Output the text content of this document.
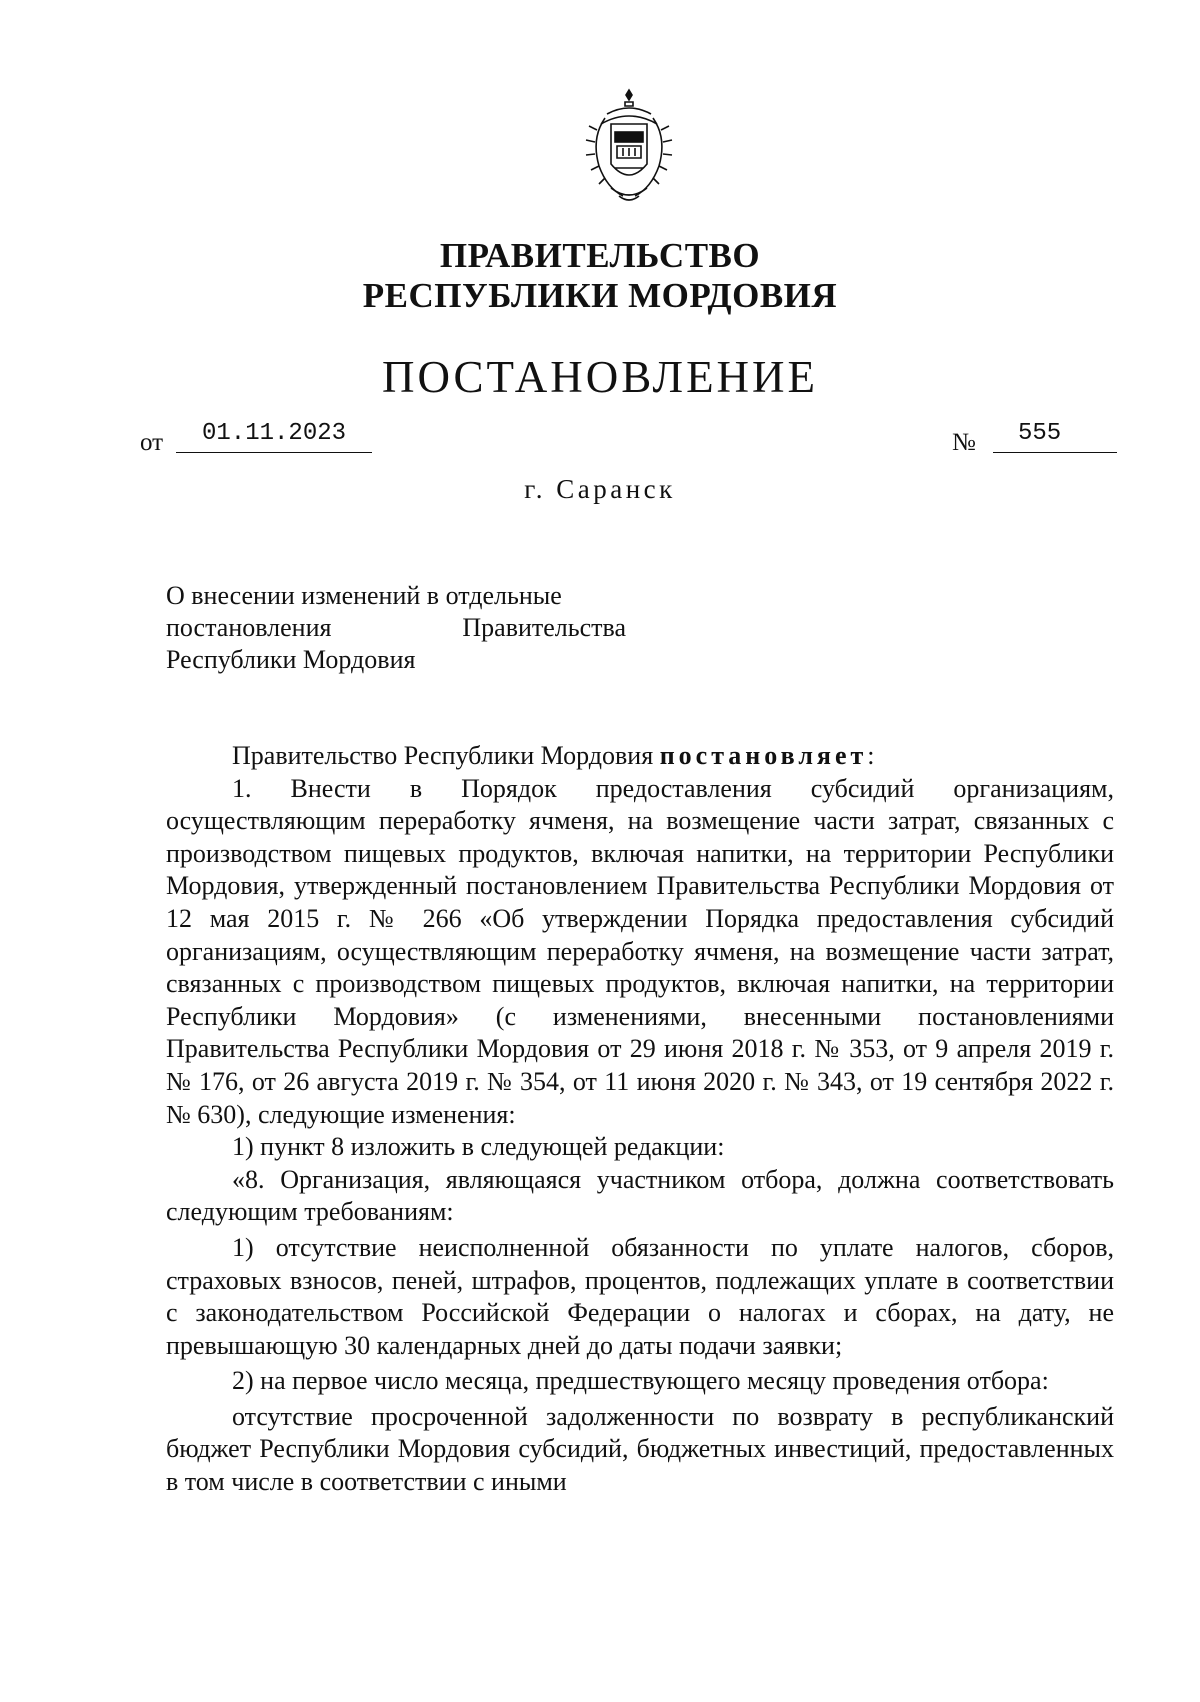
ПРАВИТЕЛЬСТВО
РЕСПУБЛИКИ МОРДОВИЯ
ПОСТАНОВЛЕНИЕ
от 01.11.2023	№ 555
г. Саранск
О внесении изменений в отдельные
постановления	Правительства
Республики Мордовия

Правительство Республики Мордовия постановляет:

1. Внести в Порядок предоставления субсидий организациям, осуществляющим переработку ячменя, на возмещение части затрат, связанных с производством пищевых продуктов, включая напитки, на территории Республики Мордовия, утвержденный постановлением Правительства Республики Мордовия от 12 мая 2015 г. № 266 «Об утверждении Порядка предоставления субсидий организациям, осуществляющим переработку ячменя, на возмещение части затрат, связанных с производством пищевых продуктов, включая напитки, на территории Республики Мордовия» (с изменениями, внесенными постановлениями Правительства Республики Мордовия от 29 июня 2018 г. № 353, от 9 апреля 2019 г. № 176, от 26 августа 2019 г. № 354, от 11 июня 2020 г. № 343, от 19 сентября 2022 г. № 630), следующие изменения:

1) пункт 8 изложить в следующей редакции:

«8. Организация, являющаяся участником отбора, должна соответствовать следующим требованиям:

1) отсутствие неисполненной обязанности по уплате налогов, сборов, страховых взносов, пеней, штрафов, процентов, подлежащих уплате в соответствии с законодательством Российской Федерации о налогах и сборах, на дату, не превышающую 30 календарных дней до даты подачи заявки;

2) на первое число месяца, предшествующего месяцу проведения отбора:

отсутствие просроченной задолженности по возврату в республиканский бюджет Республики Мордовия субсидий, бюджетных инвестиций, предоставленных в том числе в соответствии с иными
